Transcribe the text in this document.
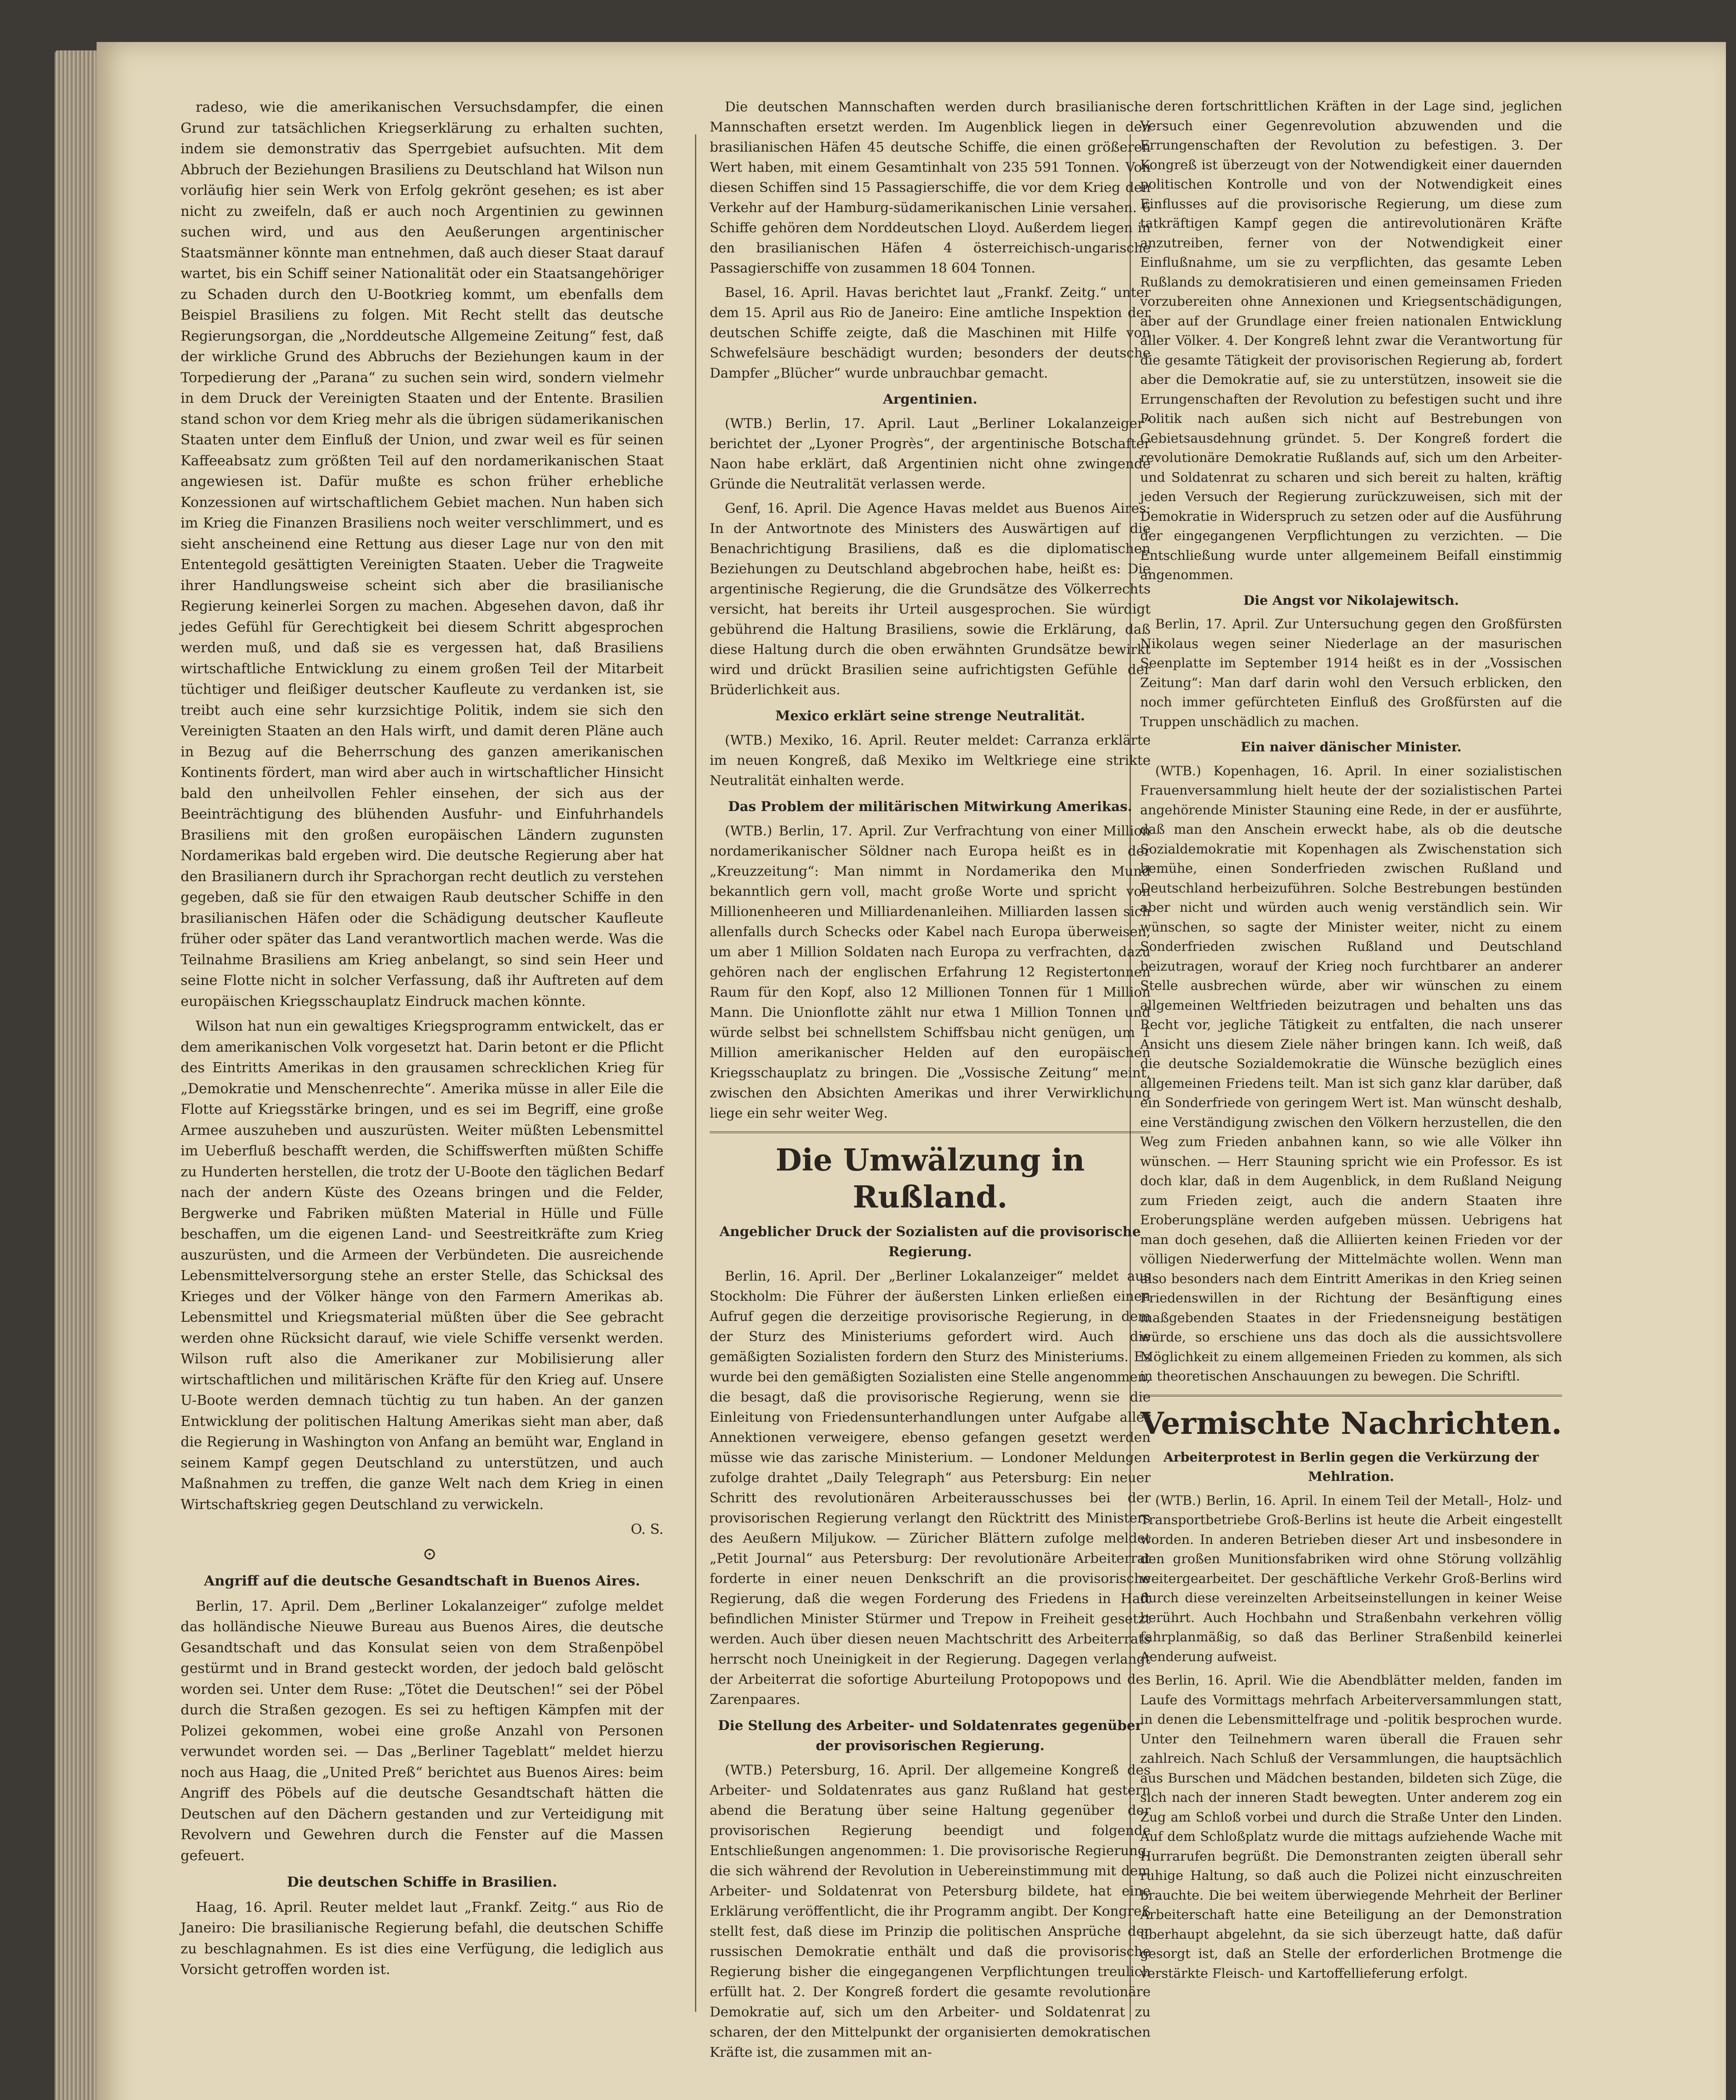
radeso, wie die amerikanischen Versuchsdampfer, die einen Grund zur tatsächlichen Kriegserklärung zu erhalten suchten, indem sie demonstrativ das Sperrgebiet aufsuchten. Mit dem Abbruch der Beziehungen Brasiliens zu Deutschland hat Wilson nun vorläufig hier sein Werk von Erfolg gekrönt gesehen; es ist aber nicht zu zweifeln, daß er auch noch Argentinien zu gewinnen suchen wird, und aus den Aeußerungen argentinischer Staatsmänner könnte man entnehmen, daß auch dieser Staat darauf wartet, bis ein Schiff seiner Nationalität oder ein Staatsangehöriger zu Schaden durch den U-Bootkrieg kommt, um ebenfalls dem Beispiel Brasiliens zu folgen. Mit Recht stellt das deutsche Regierungsorgan, die „Norddeutsche Allgemeine Zeitung“ fest, daß der wirkliche Grund des Abbruchs der Beziehungen kaum in der Torpedierung der „Parana“ zu suchen sein wird, sondern vielmehr in dem Druck der Vereinigten Staaten und der Entente. Brasilien stand schon vor dem Krieg mehr als die übrigen südamerikanischen Staaten unter dem Einfluß der Union, und zwar weil es für seinen Kaffeeabsatz zum größten Teil auf den nordamerikanischen Staat angewiesen ist. Dafür mußte es schon früher erhebliche Konzessionen auf wirtschaftlichem Gebiet machen. Nun haben sich im Krieg die Finanzen Brasiliens noch weiter verschlimmert, und es sieht anscheinend eine Rettung aus dieser Lage nur von den mit Ententegold gesättigten Vereinigten Staaten. Ueber die Tragweite ihrer Handlungsweise scheint sich aber die brasilianische Regierung keinerlei Sorgen zu machen. Abgesehen davon, daß ihr jedes Gefühl für Gerechtigkeit bei diesem Schritt abgesprochen werden muß, und daß sie es vergessen hat, daß Brasiliens wirtschaftliche Entwicklung zu einem großen Teil der Mitarbeit tüchtiger und fleißiger deutscher Kaufleute zu verdanken ist, sie treibt auch eine sehr kurzsichtige Politik, indem sie sich den Vereinigten Staaten an den Hals wirft, und damit deren Pläne auch in Bezug auf die Beherrschung des ganzen amerikanischen Kontinents fördert, man wird aber auch in wirtschaftlicher Hinsicht bald den unheilvollen Fehler einsehen, der sich aus der Beeinträchtigung des blühenden Ausfuhr- und Einfuhrhandels Brasiliens mit den großen europäischen Ländern zugunsten Nordamerikas bald ergeben wird. Die deutsche Regierung aber hat den Brasilianern durch ihr Sprachorgan recht deutlich zu verstehen gegeben, daß sie für den etwaigen Raub deutscher Schiffe in den brasilianischen Häfen oder die Schädigung deutscher Kaufleute früher oder später das Land verantwortlich machen werde. Was die Teilnahme Brasiliens am Krieg anbelangt, so sind sein Heer und seine Flotte nicht in solcher Verfassung, daß ihr Auftreten auf dem europäischen Kriegsschauplatz Eindruck machen könnte.

Wilson hat nun ein gewaltiges Kriegsprogramm entwickelt, das er dem amerikanischen Volk vorgesetzt hat. Darin betont er die Pflicht des Eintritts Amerikas in den grausamen schrecklichen Krieg für „Demokratie und Menschenrechte“. Amerika müsse in aller Eile die Flotte auf Kriegsstärke bringen, und es sei im Begriff, eine große Armee auszuheben und auszurüsten. Weiter müßten Lebensmittel im Ueberfluß beschafft werden, die Schiffswerften müßten Schiffe zu Hunderten herstellen, die trotz der U-Boote den täglichen Bedarf nach der andern Küste des Ozeans bringen und die Felder, Bergwerke und Fabriken müßten Material in Hülle und Fülle beschaffen, um die eigenen Land- und Seestreitkräfte zum Krieg auszurüsten, und die Armeen der Verbündeten. Die ausreichende Lebensmittelversorgung stehe an erster Stelle, das Schicksal des Krieges und der Völker hänge von den Farmern Amerikas ab. Lebensmittel und Kriegsmaterial müßten über die See gebracht werden ohne Rücksicht darauf, wie viele Schiffe versenkt werden. Wilson ruft also die Amerikaner zur Mobilisierung aller wirtschaftlichen und militärischen Kräfte für den Krieg auf. Unsere U-Boote werden demnach tüchtig zu tun haben. An der ganzen Entwicklung der politischen Haltung Amerikas sieht man aber, daß die Regierung in Washington von Anfang an bemüht war, England in seinem Kampf gegen Deutschland zu unterstützen, und auch Maßnahmen zu treffen, die ganze Welt nach dem Krieg in einen Wirtschaftskrieg gegen Deutschland zu verwickeln.

O. S.

⊙

Angriff auf die deutsche Gesandtschaft in Buenos Aires.

Berlin, 17. April. Dem „Berliner Lokalanzeiger“ zufolge meldet das holländische Nieuwe Bureau aus Buenos Aires, die deutsche Gesandtschaft und das Konsulat seien von dem Straßenpöbel gestürmt und in Brand gesteckt worden, der jedoch bald gelöscht worden sei. Unter dem Ruse: „Tötet die Deutschen!“ sei der Pöbel durch die Straßen gezogen. Es sei zu heftigen Kämpfen mit der Polizei gekommen, wobei eine große Anzahl von Personen verwundet worden sei. — Das „Berliner Tageblatt“ meldet hierzu noch aus Haag, die „United Preß“ berichtet aus Buenos Aires: beim Angriff des Pöbels auf die deutsche Gesandtschaft hätten die Deutschen auf den Dächern gestanden und zur Verteidigung mit Revolvern und Gewehren durch die Fenster auf die Massen gefeuert.

Die deutschen Schiffe in Brasilien.

Haag, 16. April. Reuter meldet laut „Frankf. Zeitg.“ aus Rio de Janeiro: Die brasilianische Regierung befahl, die deutschen Schiffe zu beschlagnahmen. Es ist dies eine Verfügung, die lediglich aus Vorsicht getroffen worden ist.

Die deutschen Mannschaften werden durch brasilianische Mannschaften ersetzt werden. Im Augenblick liegen in den brasilianischen Häfen 45 deutsche Schiffe, die einen größeren Wert haben, mit einem Gesamtinhalt von 235 591 Tonnen. Von diesen Schiffen sind 15 Passagierschiffe, die vor dem Krieg den Verkehr auf der Hamburg-südamerikanischen Linie versahen. 6 Schiffe gehören dem Norddeutschen Lloyd. Außerdem liegen in den brasilianischen Häfen 4 österreichisch-ungarische Passagierschiffe von zusammen 18 604 Tonnen.

Basel, 16. April. Havas berichtet laut „Frankf. Zeitg.“ unter dem 15. April aus Rio de Janeiro: Eine amtliche Inspektion der deutschen Schiffe zeigte, daß die Maschinen mit Hilfe von Schwefelsäure beschädigt wurden; besonders der deutsche Dampfer „Blücher“ wurde unbrauchbar gemacht.

Argentinien.

(WTB.) Berlin, 17. April. Laut „Berliner Lokalanzeiger“ berichtet der „Lyoner Progrès“, der argentinische Botschafter Naon habe erklärt, daß Argentinien nicht ohne zwingende Gründe die Neutralität verlassen werde.

Genf, 16. April. Die Agence Havas meldet aus Buenos Aires: In der Antwortnote des Ministers des Auswärtigen auf die Benachrichtigung Brasiliens, daß es die diplomatischen Beziehungen zu Deutschland abgebrochen habe, heißt es: Die argentinische Regierung, die die Grundsätze des Völkerrechts versicht, hat bereits ihr Urteil ausgesprochen. Sie würdigt gebührend die Haltung Brasiliens, sowie die Erklärung, daß diese Haltung durch die oben erwähnten Grundsätze bewirkt wird und drückt Brasilien seine aufrichtigsten Gefühle der Brüderlichkeit aus.

Mexico erklärt seine strenge Neutralität.

(WTB.) Mexiko, 16. April. Reuter meldet: Carranza erklärte im neuen Kongreß, daß Mexiko im Weltkriege eine strikte Neutralität einhalten werde.

Das Problem der militärischen Mitwirkung Amerikas.

(WTB.) Berlin, 17. April. Zur Verfrachtung von einer Million nordamerikanischer Söldner nach Europa heißt es in der „Kreuzzeitung“: Man nimmt in Nordamerika den Mund bekanntlich gern voll, macht große Worte und spricht von Millionenheeren und Milliardenanleihen. Milliarden lassen sich allenfalls durch Schecks oder Kabel nach Europa überweisen, um aber 1 Million Soldaten nach Europa zu verfrachten, dazu gehören nach der englischen Erfahrung 12 Registertonnen Raum für den Kopf, also 12 Millionen Tonnen für 1 Million Mann. Die Unionflotte zählt nur etwa 1 Million Tonnen und würde selbst bei schnellstem Schiffsbau nicht genügen, um 1 Million amerikanischer Helden auf den europäischen Kriegsschauplatz zu bringen. Die „Vossische Zeitung“ meint, zwischen den Absichten Amerikas und ihrer Verwirklichung liege ein sehr weiter Weg.

Die Umwälzung in Rußland.

Angeblicher Druck der Sozialisten auf die provisorische Regierung.

Berlin, 16. April. Der „Berliner Lokalanzeiger“ meldet aus Stockholm: Die Führer der äußersten Linken erließen einen Aufruf gegen die derzeitige provisorische Regierung, in dem der Sturz des Ministeriums gefordert wird. Auch die gemäßigten Sozialisten fordern den Sturz des Ministeriums. Es wurde bei den gemäßigten Sozialisten eine Stelle angenommen, die besagt, daß die provisorische Regierung, wenn sie die Einleitung von Friedensunterhandlungen unter Aufgabe aller Annektionen verweigere, ebenso gefangen gesetzt werden müsse wie das zarische Ministerium. — Londoner Meldungen zufolge drahtet „Daily Telegraph“ aus Petersburg: Ein neuer Schritt des revolutionären Arbeiterausschusses bei der provisorischen Regierung verlangt den Rücktritt des Ministers des Aeußern Miljukow. — Züricher Blättern zufolge meldet „Petit Journal“ aus Petersburg: Der revolutionäre Arbeiterrat forderte in einer neuen Denkschrift an die provisorische Regierung, daß die wegen Forderung des Friedens in Haft befindlichen Minister Stürmer und Trepow in Freiheit gesetzt werden. Auch über diesen neuen Machtschritt des Arbeiterrats herrscht noch Uneinigkeit in der Regierung. Dagegen verlangt der Arbeiterrat die sofortige Aburteilung Protopopows und des Zarenpaares.

Die Stellung des Arbeiter- und Soldatenrates gegenüber der provisorischen Regierung.

(WTB.) Petersburg, 16. April. Der allgemeine Kongreß des Arbeiter- und Soldatenrates aus ganz Rußland hat gestern abend die Beratung über seine Haltung gegenüber der provisorischen Regierung beendigt und folgende Entschließungen angenommen: 1. Die provisorische Regierung, die sich während der Revolution in Uebereinstimmung mit dem Arbeiter- und Soldatenrat von Petersburg bildete, hat eine Erklärung veröffentlicht, die ihr Programm angibt. Der Kongreß stellt fest, daß diese im Prinzip die politischen Ansprüche der russischen Demokratie enthält und daß die provisorische Regierung bisher die eingegangenen Verpflichtungen treulich erfüllt hat. 2. Der Kongreß fordert die gesamte revolutionäre Demokratie auf, sich um den Arbeiter- und Soldatenrat zu scharen, der den Mittelpunkt der organisierten demokratischen Kräfte ist, die zusammen mit an-

deren fortschrittlichen Kräften in der Lage sind, jeglichen Versuch einer Gegenrevolution abzuwenden und die Errungenschaften der Revolution zu befestigen. 3. Der Kongreß ist überzeugt von der Notwendigkeit einer dauernden politischen Kontrolle und von der Notwendigkeit eines Einflusses auf die provisorische Regierung, um diese zum tatkräftigen Kampf gegen die antirevolutionären Kräfte anzutreiben, ferner von der Notwendigkeit einer Einflußnahme, um sie zu verpflichten, das gesamte Leben Rußlands zu demokratisieren und einen gemeinsamen Frieden vorzubereiten ohne Annexionen und Kriegsentschädigungen, aber auf der Grundlage einer freien nationalen Entwicklung aller Völker. 4. Der Kongreß lehnt zwar die Verantwortung für die gesamte Tätigkeit der provisorischen Regierung ab, fordert aber die Demokratie auf, sie zu unterstützen, insoweit sie die Errungenschaften der Revolution zu befestigen sucht und ihre Politik nach außen sich nicht auf Bestrebungen von Gebietsausdehnung gründet. 5. Der Kongreß fordert die revolutionäre Demokratie Rußlands auf, sich um den Arbeiter- und Soldatenrat zu scharen und sich bereit zu halten, kräftig jeden Versuch der Regierung zurückzuweisen, sich mit der Demokratie in Widerspruch zu setzen oder auf die Ausführung der eingegangenen Verpflichtungen zu verzichten. — Die Entschließung wurde unter allgemeinem Beifall einstimmig angenommen.

Die Angst vor Nikolajewitsch.

Berlin, 17. April. Zur Untersuchung gegen den Großfürsten Nikolaus wegen seiner Niederlage an der masurischen Seenplatte im September 1914 heißt es in der „Vossischen Zeitung“: Man darf darin wohl den Versuch erblicken, den noch immer gefürchteten Einfluß des Großfürsten auf die Truppen unschädlich zu machen.

Ein naiver dänischer Minister.

(WTB.) Kopenhagen, 16. April. In einer sozialistischen Frauenversammlung hielt heute der der sozialistischen Partei angehörende Minister Stauning eine Rede, in der er ausführte, daß man den Anschein erweckt habe, als ob die deutsche Sozialdemokratie mit Kopenhagen als Zwischenstation sich bemühe, einen Sonderfrieden zwischen Rußland und Deutschland herbeizuführen. Solche Bestrebungen bestünden aber nicht und würden auch wenig verständlich sein. Wir wünschen, so sagte der Minister weiter, nicht zu einem Sonderfrieden zwischen Rußland und Deutschland beizutragen, worauf der Krieg noch furchtbarer an anderer Stelle ausbrechen würde, aber wir wünschen zu einem allgemeinen Weltfrieden beizutragen und behalten uns das Recht vor, jegliche Tätigkeit zu entfalten, die nach unserer Ansicht uns diesem Ziele näher bringen kann. Ich weiß, daß die deutsche Sozialdemokratie die Wünsche bezüglich eines allgemeinen Friedens teilt. Man ist sich ganz klar darüber, daß ein Sonderfriede von geringem Wert ist. Man wünscht deshalb, eine Verständigung zwischen den Völkern herzustellen, die den Weg zum Frieden anbahnen kann, so wie alle Völker ihn wünschen. — Herr Stauning spricht wie ein Professor. Es ist doch klar, daß in dem Augenblick, in dem Rußland Neigung zum Frieden zeigt, auch die andern Staaten ihre Eroberungspläne werden aufgeben müssen. Uebrigens hat man doch gesehen, daß die Alliierten keinen Frieden vor der völligen Niederwerfung der Mittelmächte wollen. Wenn man also besonders nach dem Eintritt Amerikas in den Krieg seinen Friedenswillen in der Richtung der Besänftigung eines maßgebenden Staates in der Friedensneigung bestätigen würde, so erschiene uns das doch als die aussichtsvollere Möglichkeit zu einem allgemeinen Frieden zu kommen, als sich in theoretischen Anschauungen zu bewegen. Die Schriftl.

Vermischte Nachrichten.

Arbeiterprotest in Berlin gegen die Verkürzung der Mehlration.

(WTB.) Berlin, 16. April. In einem Teil der Metall-, Holz- und Transportbetriebe Groß-Berlins ist heute die Arbeit eingestellt worden. In anderen Betrieben dieser Art und insbesondere in den großen Munitionsfabriken wird ohne Störung vollzählig weitergearbeitet. Der geschäftliche Verkehr Groß-Berlins wird durch diese vereinzelten Arbeitseinstellungen in keiner Weise berührt. Auch Hochbahn und Straßenbahn verkehren völlig fahrplanmäßig, so daß das Berliner Straßenbild keinerlei Aenderung aufweist.

Berlin, 16. April. Wie die Abendblätter melden, fanden im Laufe des Vormittags mehrfach Arbeiterversammlungen statt, in denen die Lebensmittelfrage und -politik besprochen wurde. Unter den Teilnehmern waren überall die Frauen sehr zahlreich. Nach Schluß der Versammlungen, die hauptsächlich aus Burschen und Mädchen bestanden, bildeten sich Züge, die sich nach der inneren Stadt bewegten. Unter anderem zog ein Zug am Schloß vorbei und durch die Straße Unter den Linden. Auf dem Schloßplatz wurde die mittags aufziehende Wache mit Hurrarufen begrüßt. Die Demonstranten zeigten überall sehr ruhige Haltung, so daß auch die Polizei nicht einzuschreiten brauchte. Die bei weitem überwiegende Mehrheit der Berliner Arbeiterschaft hatte eine Beteiligung an der Demonstration überhaupt abgelehnt, da sie sich überzeugt hatte, daß dafür gesorgt ist, daß an Stelle der erforderlichen Brotmenge die verstärkte Fleisch- und Kartoffellieferung erfolgt.
